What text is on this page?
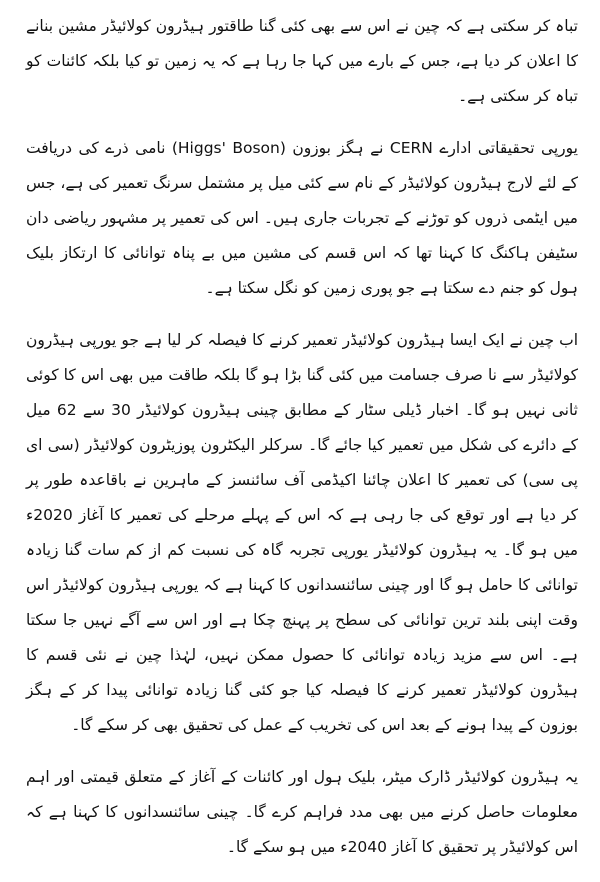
تباہ کر سکتی ہے کہ چین نے اس سے بھی کئی گنا طاقتور ہیڈرون کولائیڈر مشین بنانے کا اعلان کر دیا ہے، جس کے بارے میں کہا جا رہا ہے کہ یہ زمین تو کیا بلکہ کائنات کو تباہ کر سکتی ہے۔

یورپی تحقیقاتی ادارے CERN نے ہگز بوزون (Higgs' Boson) نامی ذرے کی دریافت کے لئے لارج ہیڈرون کولائیڈر کے نام سے کئی میل پر مشتمل سرنگ تعمیر کی ہے، جس میں ایٹمی ذروں کو توڑنے کے تجربات جاری ہیں۔ اس کی تعمیر پر مشہور ریاضی دان سٹیفن ہاکنگ کا کہنا تھا کہ اس قسم کی مشین میں بے پناہ توانائی کا ارتکاز بلیک ہول کو جنم دے سکتا ہے جو پوری زمین کو نگل سکتا ہے۔

اب چین نے ایک ایسا ہیڈرون کولائیڈر تعمیر کرنے کا فیصلہ کر لیا ہے جو یورپی ہیڈرون کولائیڈر سے نا صرف جسامت میں کئی گنا بڑا ہو گا بلکہ طاقت میں بھی اس کا کوئی ثانی نہیں ہو گا۔ اخبار ڈیلی سٹار کے مطابق چینی ہیڈرون کولائیڈر 30 سے 62 میل کے دائرے کی شکل میں تعمیر کیا جائے گا۔ سرکلر الیکٹرون پوزیٹرون کولائیڈر (سی ای پی سی) کی تعمیر کا اعلان چائنا اکیڈمی آف سائنسز کے ماہرین نے باقاعدہ طور پر کر دیا ہے اور توقع کی جا رہی ہے کہ اس کے پہلے مرحلے کی تعمیر کا آغاز 2020ء میں ہو گا۔ یہ ہیڈرون کولائیڈر یورپی تجربہ گاہ کی نسبت کم از کم سات گنا زیادہ توانائی کا حامل ہو گا اور چینی سائنسدانوں کا کہنا ہے کہ یورپی ہیڈرون کولائیڈر اس وقت اپنی بلند ترین توانائی کی سطح پر پہنچ چکا ہے اور اس سے آگے نہیں جا سکتا ہے۔ اس سے مزید زیادہ توانائی کا حصول ممکن نہیں، لہٰذا چین نے نئی قسم کا ہیڈرون کولائیڈر تعمیر کرنے کا فیصلہ کیا جو کئی گنا زیادہ توانائی پیدا کر کے ہگز بوزون کے پیدا ہونے کے بعد اس کی تخریب کے عمل کی تحقیق بھی کر سکے گا۔

یہ ہیڈرون کولائیڈر ڈارک میٹر، بلیک ہول اور کائنات کے آغاز کے متعلق قیمتی اور اہم معلومات حاصل کرنے میں بھی مدد فراہم کرے گا۔ چینی سائنسدانوں کا کہنا ہے کہ اس کولائیڈر پر تحقیق کا آغاز 2040ء میں ہو سکے گا۔
